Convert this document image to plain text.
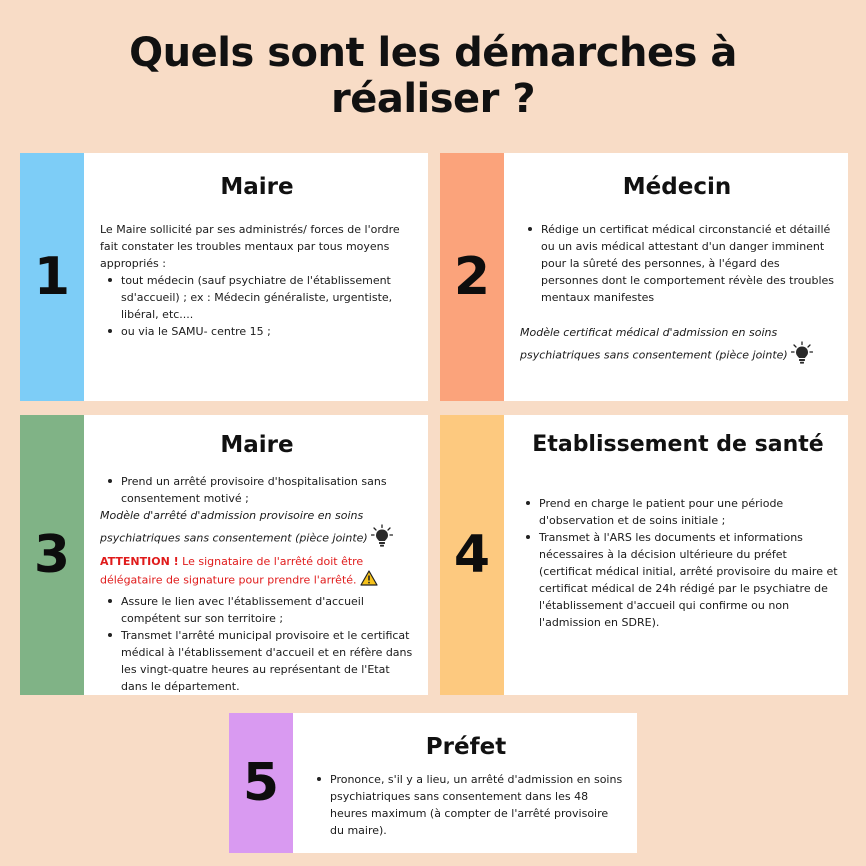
Quels sont les démarches à
réaliser ?
1
Maire

Le Maire sollicité par ses administrés/ forces de l'ordre fait constater les troubles mentaux par tous moyens appropriés :

tout médecin (sauf psychiatre de l'établissement sd'accueil) ; ex : Médecin généraliste, urgentiste, libéral, etc....
ou via le SAMU- centre 15 ;
2
Médecin
Rédige un certificat médical circonstancié et détaillé ou un avis médical attestant d'un danger imminent pour la sûreté des personnes, à l'égard des personnes dont le comportement révèle des troubles mentaux manifestes

Modèle certificat médical d'admission en soins psychiatriques sans consentement (pièce jointe)

3
Maire
Prend un arrêté provisoire d'hospitalisation sans consentement motivé ;

Modèle d'arrêté d'admission provisoire en soins psychiatriques sans consentement (pièce jointe)

ATTENTION ! Le signataire de l'arrêté doit être délégataire de signature pour prendre l'arrêté.

Assure le lien avec l'établissement d'accueil compétent sur son territoire ;
Transmet l'arrêté municipal provisoire et le certificat médical à l'établissement d'accueil et en réfère dans les vingt-quatre heures au représentant de l'Etat dans le département.
4
Etablissement de santé
Prend en charge le patient pour une période d'observation et de soins initiale ;
Transmet à l'ARS les documents et informations nécessaires à la décision ultérieure du préfet (certificat médical initial, arrêté provisoire du maire et certificat médical de 24h rédigé par le psychiatre de l'établissement d'accueil qui confirme ou non l'admission en SDRE).
5
Préfet
Prononce, s'il y a lieu, un arrêté d'admission en soins psychiatriques sans consentement dans les 48 heures maximum (à compter de l'arrêté provisoire du maire).
